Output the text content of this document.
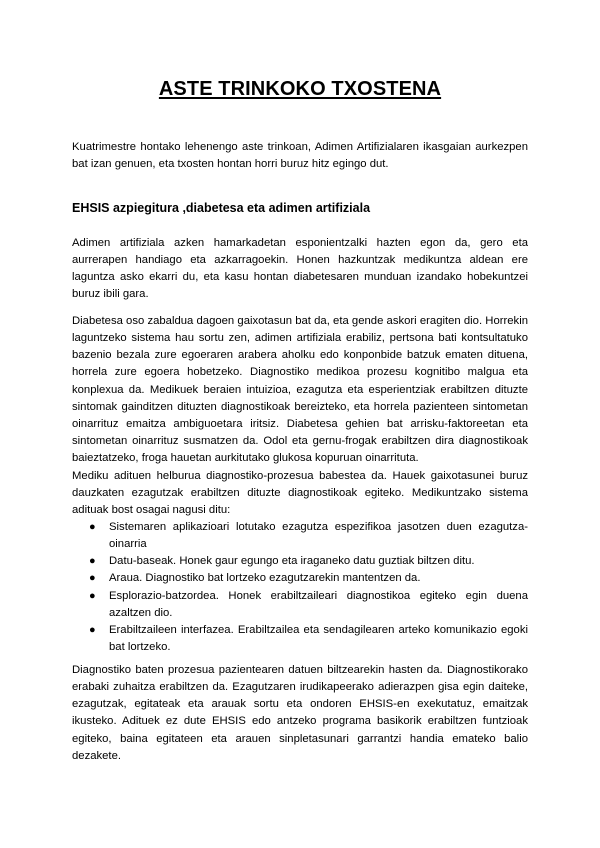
ASTE TRINKOKO TXOSTENA

Kuatrimestre hontako lehenengo aste trinkoan, Adimen Artifizialaren ikasgaian aurkezpen bat izan genuen, eta txosten hontan horri buruz hitz egingo dut.

EHSIS azpiegitura ,diabetesa eta adimen artifiziala

Adimen artifiziala azken hamarkadetan esponientzalki hazten egon da, gero eta aurrerapen handiago eta azkarragoekin. Honen hazkuntzak medikuntza aldean ere laguntza asko ekarri du, eta kasu hontan diabetesaren munduan izandako hobekuntzei buruz ibili gara.

Diabetesa oso zabaldua dagoen gaixotasun bat da, eta gende askori eragiten dio. Horrekin laguntzeko sistema hau sortu zen, adimen artifiziala erabiliz, pertsona bati kontsultatuko bazenio bezala zure egoeraren arabera aholku edo konponbide batzuk ematen dituena, horrela zure egoera hobetzeko. Diagnostiko medikoa prozesu kognitibo malgua eta konplexua da. Medikuek beraien intuizioa, ezagutza eta esperientziak erabiltzen dituzte sintomak gainditzen dituzten diagnostikoak bereizteko, eta horrela pazienteen sintometan oinarrituz emaitza ambiguoetara iritsiz. Diabetesa gehien bat arrisku-faktoreetan eta sintometan oinarrituz susmatzen da. Odol eta gernu-frogak erabiltzen dira diagnostikoak baieztatzeko, froga hauetan aurkitutako glukosa kopuruan oinarrituta.

Mediku adituen helburua diagnostiko-prozesua babestea da. Hauek gaixotasunei buruz dauzkaten ezagutzak erabiltzen dituzte diagnostikoak egiteko. Medikuntzako sistema adituak bost osagai nagusi ditu:

●	Sistemaren aplikazioari lotutako ezagutza espezifikoa jasotzen duen ezagutza-oinarria
●	Datu-baseak. Honek gaur egungo eta iraganeko datu guztiak biltzen ditu.
●	Araua. Diagnostiko bat lortzeko ezagutzarekin mantentzen da.
●	Esplorazio-batzordea. Honek erabiltzaileari diagnostikoa egiteko egin duena azaltzen dio.
●	Erabiltzaileen interfazea. Erabiltzailea eta sendagilearen arteko komunikazio egoki bat lortzeko.

Diagnostiko baten prozesua pazientearen datuen biltzearekin hasten da. Diagnostikorako erabaki zuhaitza erabiltzen da. Ezagutzaren irudikapeerako adierazpen gisa egin daiteke, ezagutzak, egitateak eta arauak sortu eta ondoren EHSIS-en exekutatuz, emaitzak ikusteko. Adituek ez dute EHSIS edo antzeko programa basikorik erabiltzen funtzioak egiteko, baina egitateen eta arauen sinpletasunari garrantzi handia emateko balio dezakete.
